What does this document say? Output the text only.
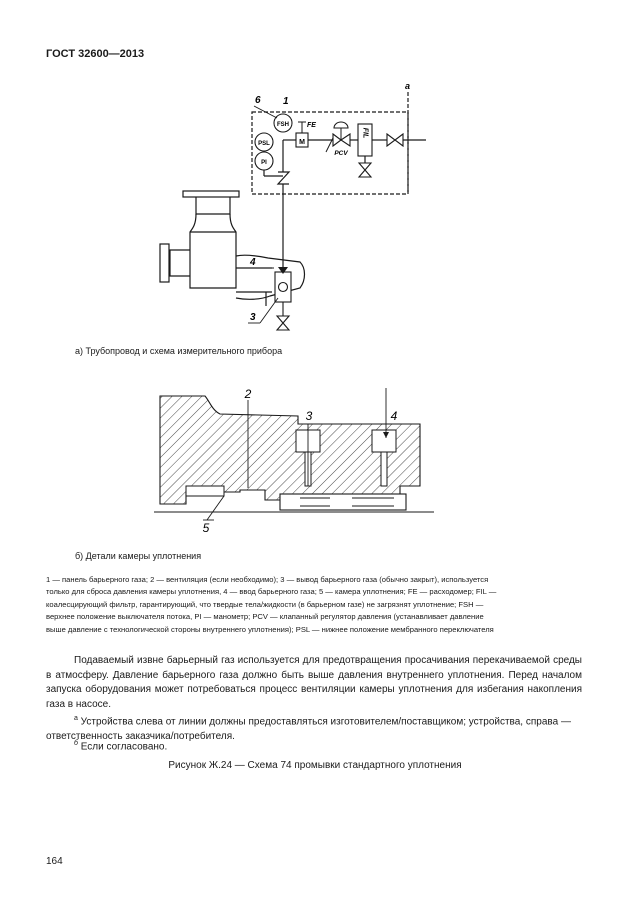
ГОСТ 32600—2013
FSH
PSL
PI
M
FE
PCV
FIL
6 1
a
4
3
а) Трубопровод и схема измерительного прибора
2
3	4
5
б) Детали камеры уплотнения
1 — панель барьерного газа; 2 — вентиляция (если необходимо); 3 — вывод барьерного газа (обычно закрыт), используется
только для сброса давления камеры уплотнения, 4 — ввод барьерного газа; 5 — камера уплотнения; FE — расходомер; FIL —
коалесцирующий фильтр, гарантирующий, что твердые тела/жидкости (в барьерном газе) не загрязнят уплотнение; FSH —
верхнее положение выключателя потока, PI — манометр; PCV — клапанный регулятор давления (устанавливает давление
выше давление с технологической стороны внутреннего уплотнения); PSL — нижнее положение мембранного переключателя
Подаваемый извне барьерный газ используется для предотвращения просачивания перекачиваемой среды в атмосферу. Давление барьерного газа должно быть выше давления внутреннего уплотнения. Перед началом запуска оборудования может потребоваться процесс вентиляции камеры уплотнения для избегания накопления газа в насосе.
$^a$ Устройства слева от линии должны предоставляться изготовителем/поставщиком; устройства, справа — ответственность заказчика/потребителя.
$^б$ Если согласовано.
Рисунок Ж.24 — Схема 74 промывки стандартного уплотнения
164
